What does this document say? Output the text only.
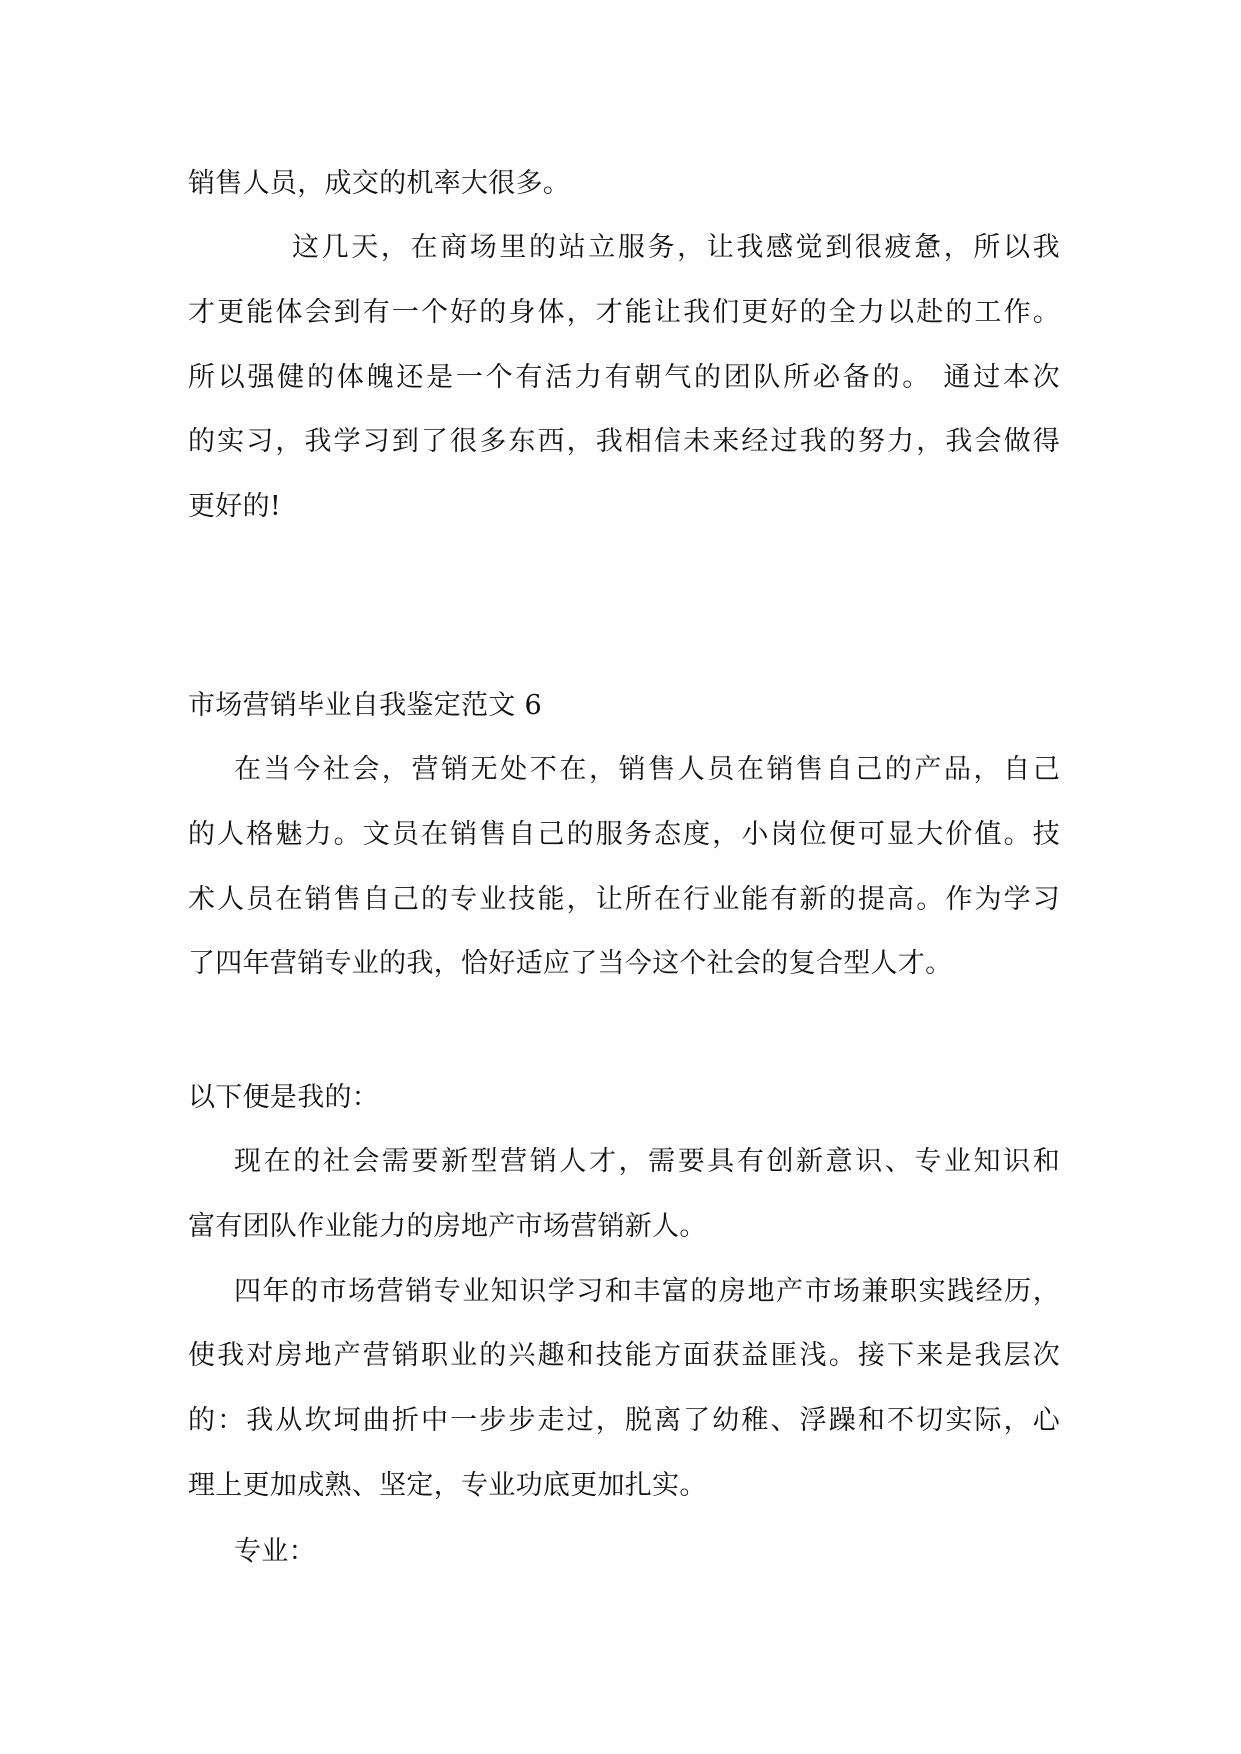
销售人员，成交的机率大很多。
这几天，在商场里的站立服务，让我感觉到很疲惫，所以我
才更能体会到有一个好的身体，才能让我们更好的全力以赴的工作。
所以强健的体魄还是一个有活力有朝气的团队所必备的。 通过本次
的实习，我学习到了很多东西，我相信未来经过我的努力，我会做得
更好的!
市场营销毕业自我鉴定范文 6
在当今社会，营销无处不在，销售人员在销售自己的产品，自己
的人格魅力。文员在销售自己的服务态度，小岗位便可显大价值。技
术人员在销售自己的专业技能，让所在行业能有新的提高。作为学习
了四年营销专业的我，恰好适应了当今这个社会的复合型人才。
以下便是我的：
现在的社会需要新型营销人才，需要具有创新意识、专业知识和
富有团队作业能力的房地产市场营销新人。
四年的市场营销专业知识学习和丰富的房地产市场兼职实践经历，
使我对房地产营销职业的兴趣和技能方面获益匪浅。接下来是我层次
的：我从坎坷曲折中一步步走过，脱离了幼稚、浮躁和不切实际，心
理上更加成熟、坚定，专业功底更加扎实。
专业：
